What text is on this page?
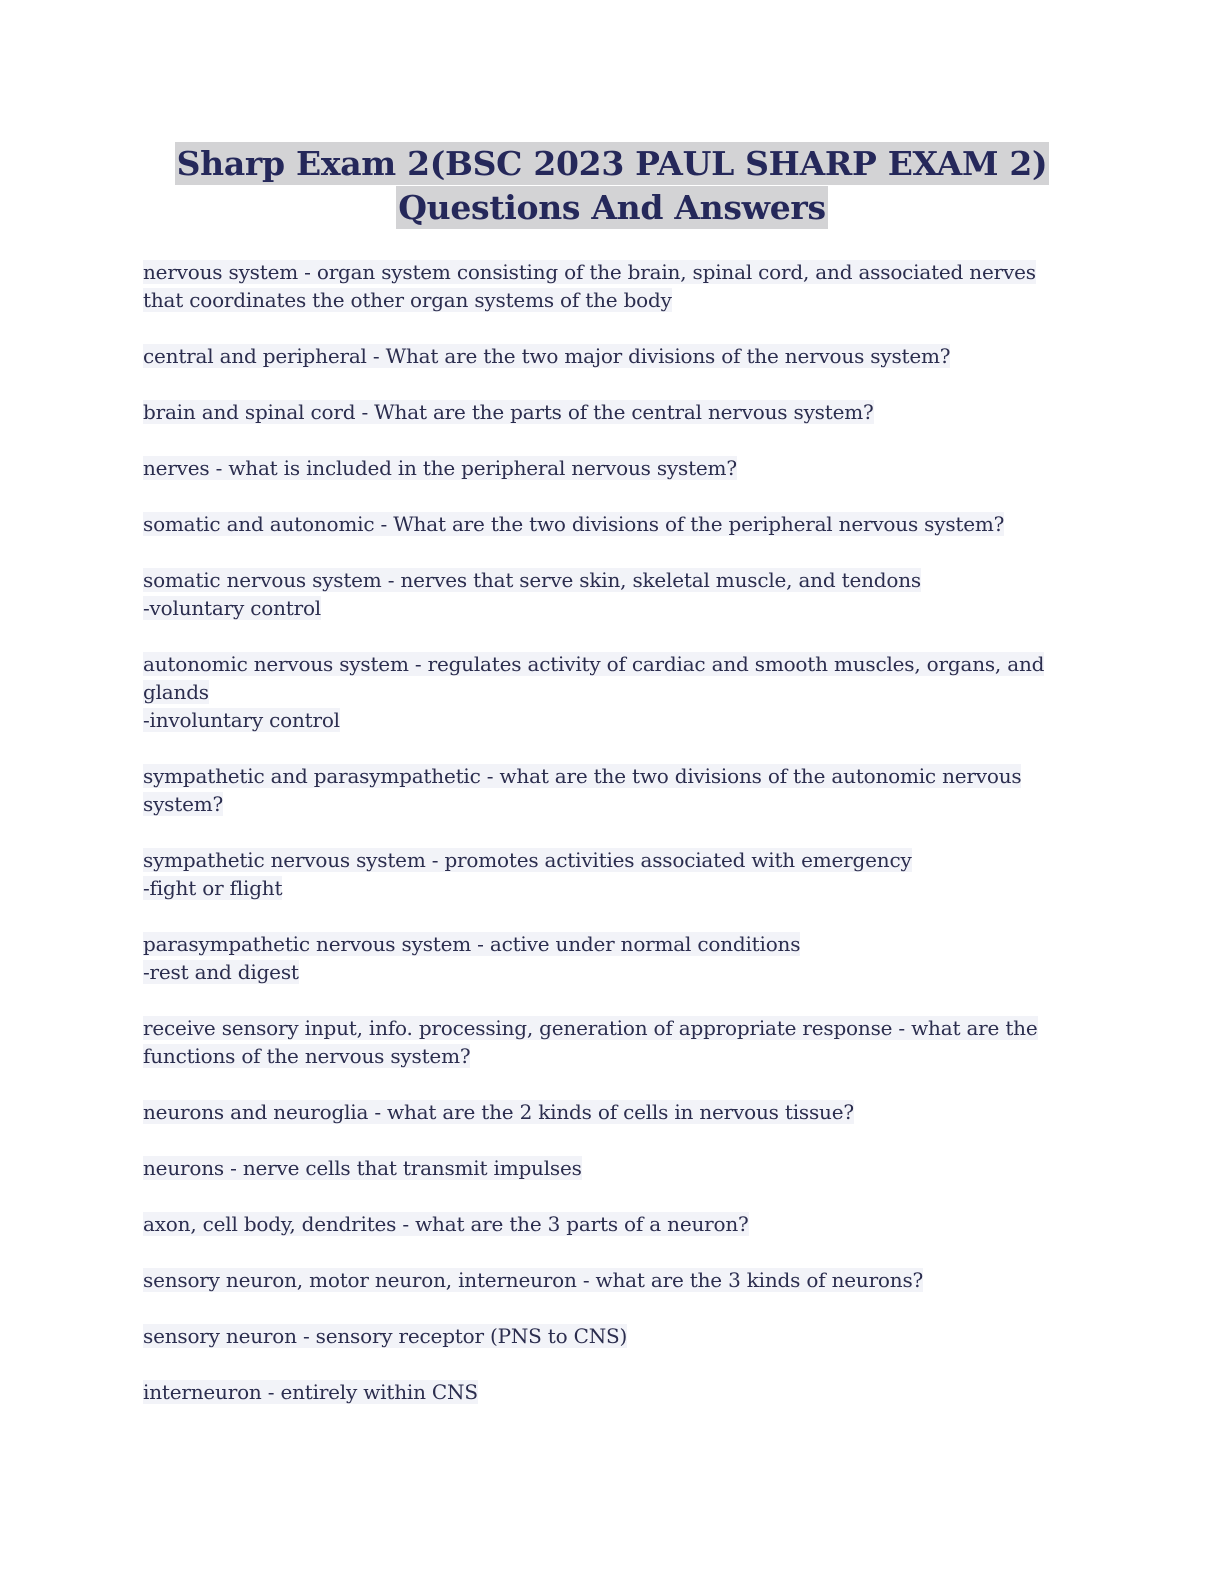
Sharp Exam 2(BSC 2023 PAUL SHARP EXAM 2)
Questions And Answers
nervous system - organ system consisting of the brain, spinal cord, and associated nerves that coordinates the other organ systems of the body
central and peripheral - What are the two major divisions of the nervous system?
brain and spinal cord - What are the parts of the central nervous system?
nerves - what is included in the peripheral nervous system?
somatic and autonomic - What are the two divisions of the peripheral nervous system?
somatic nervous system - nerves that serve skin, skeletal muscle, and tendons
-voluntary control
autonomic nervous system - regulates activity of cardiac and smooth muscles, organs, and glands
-involuntary control
sympathetic and parasympathetic - what are the two divisions of the autonomic nervous system?
sympathetic nervous system - promotes activities associated with emergency
-fight or flight
parasympathetic nervous system - active under normal conditions
-rest and digest
receive sensory input, info. processing, generation of appropriate response - what are the functions of the nervous system?
neurons and neuroglia - what are the 2 kinds of cells in nervous tissue?
neurons - nerve cells that transmit impulses
axon, cell body, dendrites - what are the 3 parts of a neuron?
sensory neuron, motor neuron, interneuron - what are the 3 kinds of neurons?
sensory neuron - sensory receptor (PNS to CNS)
interneuron - entirely within CNS
